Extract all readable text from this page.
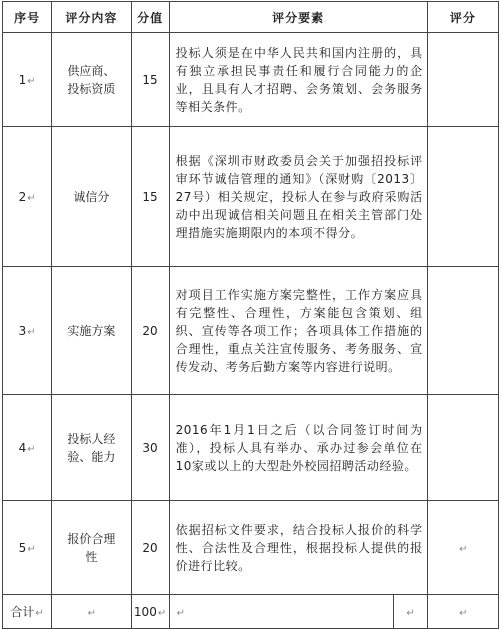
序号	评分内容	分值	评分要素		评分
1↵	供应商、投标资质	15	投标人须是在中华人民共和国内注册的，具有独立承担民事责任和履行合同能力的企业，且具有人才招聘、会务策划、会务服务等相关条件。		
2↵	诚信分	15	根据《深圳市财政委员会关于加强招投标评审环节诚信管理的通知》（深财购〔2013〕27号）相关规定，投标人在参与政府采购活动中出现诚信相关问题且在相关主管部门处理措施实施期限内的本项不得分。		
3↵	实施方案	20	对项目工作实施方案完整性，工作方案应具有完整性、合理性，方案能包含策划、组织、宣传等各项工作；各项具体工作措施的合理性，重点关注宣传服务、考务服务、宣传发动、考务后勤方案等内容进行说明。		
4↵	投标人经验、能力	30	2016年1月1日之后（以合同签订时间为准），投标人具有举办、承办过参会单位在10家或以上的大型赴外校园招聘活动经验。		
5↵	报价合理性	20	依据招标文件要求，结合投标人报价的科学性、合法性及合理性，根据投标人提供的报价进行比较。		↵
合计↵	↵	100↵	↵	↵	↵
